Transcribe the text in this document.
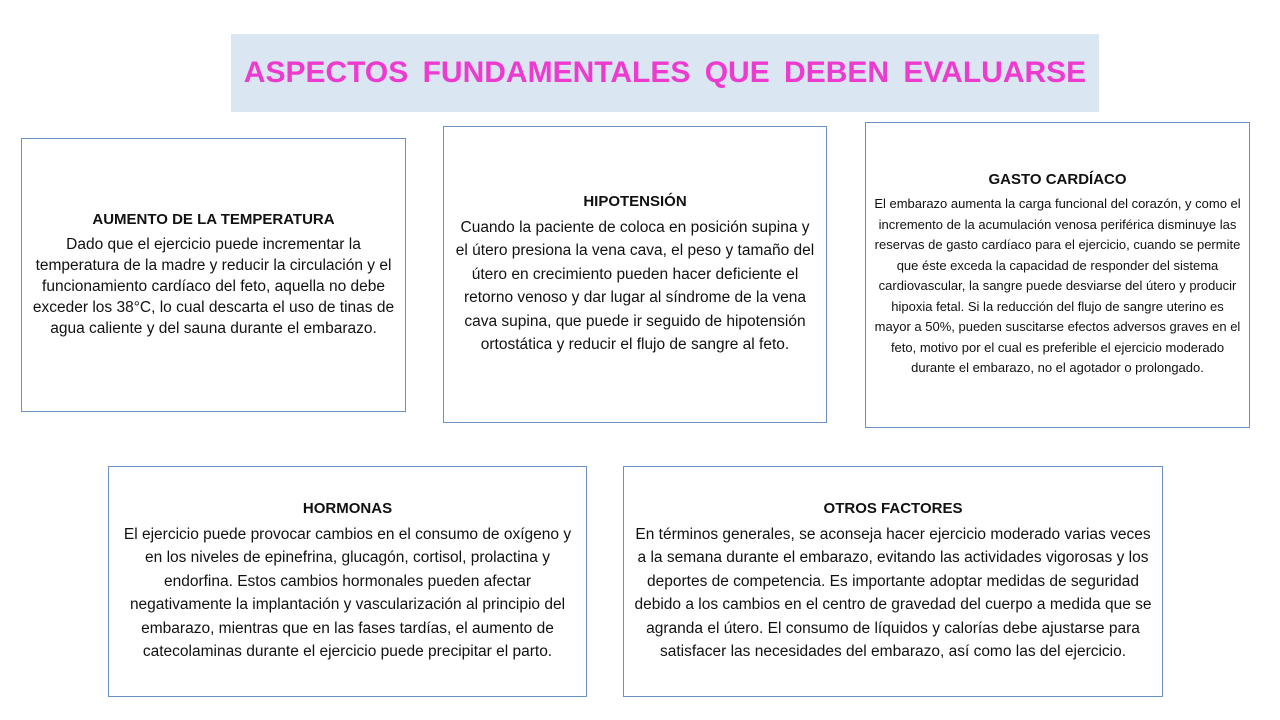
ASPECTOS FUNDAMENTALES QUE DEBEN EVALUARSE
AUMENTO DE LA TEMPERATURA

Dado que el ejercicio puede incrementar la temperatura de la madre y reducir la circulación y el funcionamiento cardíaco del feto, aquella no debe exceder los 38°C, lo cual descarta el uso de tinas de agua caliente y del sauna durante el embarazo.

HIPOTENSIÓN

Cuando la paciente de coloca en posición supina y el útero presiona la vena cava, el peso y tamaño del útero en crecimiento pueden hacer deficiente el retorno venoso y dar lugar al síndrome de la vena cava supina, que puede ir seguido de hipotensión ortostática y reducir el flujo de sangre al feto.

GASTO CARDÍACO

El embarazo aumenta la carga funcional del corazón, y como el incremento de la acumulación venosa periférica disminuye las reservas de gasto cardíaco para el ejercicio, cuando se permite que éste exceda la capacidad de responder del sistema cardiovascular, la sangre puede desviarse del útero y producir hipoxia fetal. Si la reducción del flujo de sangre uterino es mayor a 50%, pueden suscitarse efectos adversos graves en el feto, motivo por el cual es preferible el ejercicio moderado durante el embarazo, no el agotador o prolongado.

HORMONAS

El ejercicio puede provocar cambios en el consumo de oxígeno y en los niveles de epinefrina, glucagón, cortisol, prolactina y endorfina. Estos cambios hormonales pueden afectar negativamente la implantación y vascularización al principio del embarazo, mientras que en las fases tardías, el aumento de catecolaminas durante el ejercicio puede precipitar el parto.

OTROS FACTORES

En términos generales, se aconseja hacer ejercicio moderado varias veces a la semana durante el embarazo, evitando las actividades vigorosas y los deportes de competencia. Es importante adoptar medidas de seguridad debido a los cambios en el centro de gravedad del cuerpo a medida que se agranda el útero. El consumo de líquidos y calorías debe ajustarse para satisfacer las necesidades del embarazo, así como las del ejercicio.
